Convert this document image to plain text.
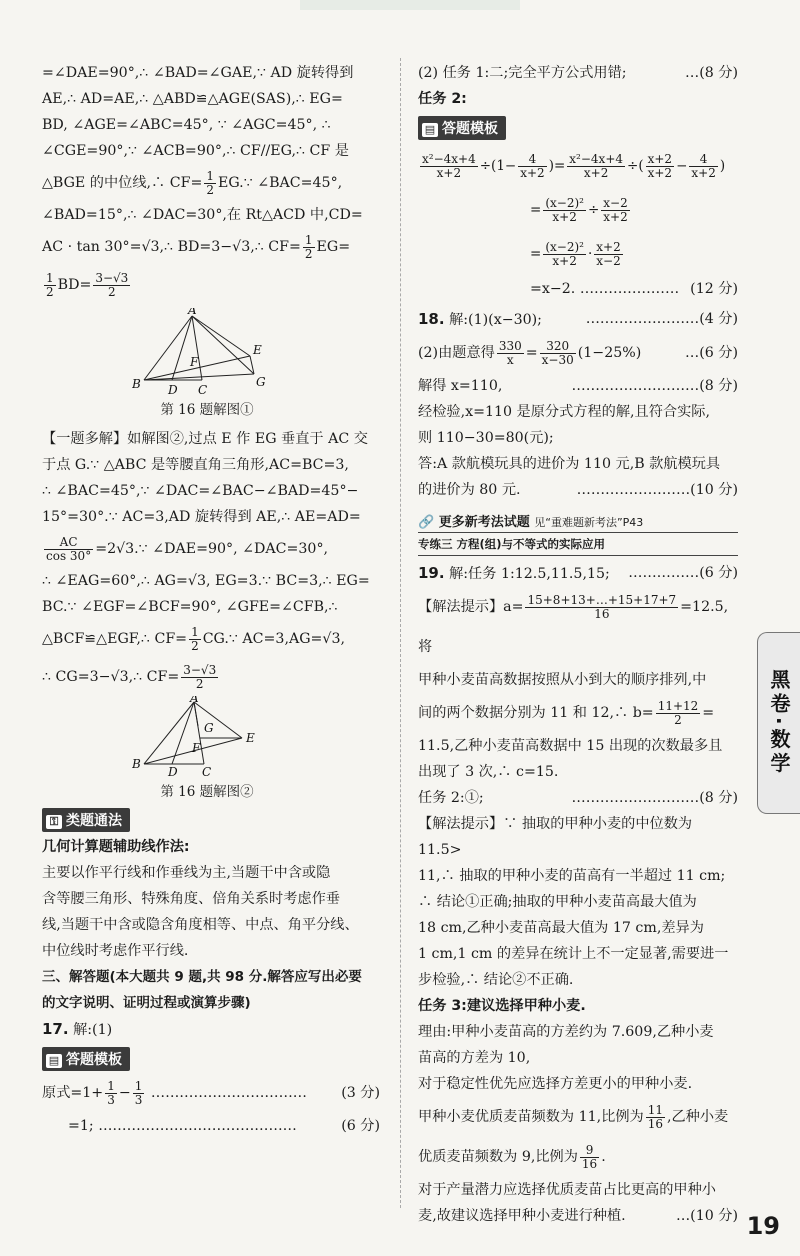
=∠DAE=90°,∴ ∠BAD=∠GAE,∵ AD 旋转得到

AE,∴ AD=AE,∴ △ABD≌△AGE(SAS),∴ EG=

BD, ∠AGE=∠ABC=45°, ∵ ∠AGC=45°, ∴

∠CGE=90°,∵ ∠ACB=90°,∴ CF//EG,∴ CF 是

△BGE 的中位线,∴ $CF= \frac{1}{2}$ EG.∵ ∠BAC=45°,

∠BAD=15°,∴ ∠DAC=30°,在 Rt△ACD 中,CD=

AC · tan 30°=√3,∴ BD=3−√3,∴ $CF= \frac{1}{2} EG=$

$\frac{1}{2} BD= \frac{3-√3}{2}$

A
B D C
E
G
F
第 16 题解图①

【一题多解】如解图②,过点 E 作 EG 垂直于 AC 交

于点 G.∵ △ABC 是等腰直角三角形,AC=BC=3,

∴ ∠BAC=45°,∵ ∠DAC=∠BAC−∠BAD=45°−

15°=30°.∵ AC=3,AD 旋转得到 AE,∴ AE=AD=

$\frac{AC}{\cos 30^\circ}$ =2√3.∵ ∠DAE=90°, ∠DAC=30°,

∴ ∠EAG=60°,∴ AG=√3, EG=3.∵ BC=3,∴ EG=

BC.∵ ∠EGF=∠BCF=90°, ∠GFE=∠CFB,∴

△BCF≌△EGF,∴ $CF= \frac{1}{2}$ CG.∵ AC=3,AG=√3,

∴ CG=3−√3,∴ $CF= \frac{3-√3}{2}$

A
B
D C
E
G
F
第 16 题解图②
⚿ 类题通法

几何计算题辅助线作法:

主要以作平行线和作垂线为主,当题干中含或隐

含等腰三角形、特殊角度、倍角关系时考虑作垂

线,当题干中含或隐含角度相等、中点、角平分线、

中位线时考虑作平行线.

三、解答题(本大题共 9 题,共 98 分.解答应写出必要

的文字说明、证明过程或演算步骤)

17. 解:(1)

▤ 答题模板

原式$=1+ \frac{1}{3} - \frac{1}{3}$ …………………………… (3 分)

=1; ……………………………………	(6 分)

(2) 任务 1:二;完全平方公式用错;	…(8 分)

任务 2:

▤ 答题模板
$\frac{\text{x²−4x+4}}{x+2} \div(1- \frac{4}{x+2}$ )= $\frac{\text{x²−4x+4}}{x+2}$ ÷( $\frac{x+2}{x+2} - \frac{4}{x+2}$ )
= $\frac{\text{(x−2)²}}{x+2} \div \frac{x-2}{x+2}$
= $\frac{\text{(x−2)²}}{x+2} \cdot \frac{x+2}{x-2}$

=x−2. ………………… (12 分)

18. 解:(1)(x−30);	……………………(4 分)

(2)由题意得 $\frac{330}{x} = \frac{320}{x-30} (1-25\%)$	…(6 分)

解得 x=110,	………………………(8 分)

经检验,x=110 是原分式方程的解,且符合实际,

则 110−30=80(元);

答:A 款航模玩具的进价为 110 元,B 款航模玩具

的进价为 80 元.	……………………(10 分)

🔗 更多新考法试题 见“重难题新考法”P43
专练三 方程(组)与不等式的实际应用

19. 解:任务 1:12.5,11.5,15; ……………(6 分)

【解法提示】$a= \frac{15+8+13+\dots+15+17+7}{16} =12.5$,将

甲种小麦苗高数据按照从小到大的顺序排列,中

间的两个数据分别为 11 和 12,∴ $b= \frac{11+12}{2}$ =

11.5,乙种小麦苗高数据中 15 出现的次数最多且

出现了 3 次,∴ c=15.

任务 2:①;	………………………(8 分)

【解法提示】∵ 抽取的甲种小麦的中位数为 11.5>

11,∴ 抽取的甲种小麦的苗高有一半超过 11 cm;

∴ 结论①正确;抽取的甲种小麦苗高最大值为

18 cm,乙种小麦苗高最大值为 17 cm,差异为

1 cm,1 cm 的差异在统计上不一定显著,需要进一

步检验,∴ 结论②不正确.

任务 3:建议选择甲种小麦.

理由:甲种小麦苗高的方差约为 7.609,乙种小麦

苗高的方差为 10,

对于稳定性优先应选择方差更小的甲种小麦.

甲种小麦优质麦苗频数为 11,比例为 $\frac{11}{16}$ ,乙种小麦

优质麦苗频数为 9,比例为 $\frac{9}{16}$ .

对于产量潜力应选择优质麦苗占比更高的甲种小

麦,故建议选择甲种小麦进行种植.	…(10 分)

黑卷·数学
19
